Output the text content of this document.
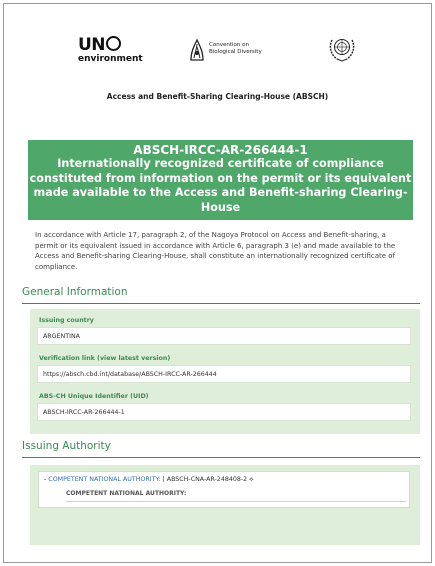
UN
environment
Convention on
Biological Diversity
Access and Benefit-Sharing Clearing-House (ABSCH)
ABSCH-IRCC-AR-266444-1
Internationally recognized certificate of compliance constituted from information on the permit or its equivalent made available to the Access and Benefit-sharing Clearing-House
In accordance with Article 17, paragraph 2, of the Nagoya Protocol on Access and Benefit-sharing, a permit or its equivalent issued in accordance with Article 6, paragraph 3 (e) and made available to the Access and Benefit-sharing Clearing-House, shall constitute an internationally recognized certificate of compliance.
General Information
Issuing country
ARGENTINA
Verification link (view latest version)
https://absch.cbd.int/database/ABSCH-IRCC-AR-266444
ABS-CH Unique Identifier (UID)
ABSCH-IRCC-AR-266444-1
Issuing Authority
- COMPETENT NATIONAL AUTHORITY: | ABSCH-CNA-AR-248408-2 ⟡
COMPETENT NATIONAL AUTHORITY:
